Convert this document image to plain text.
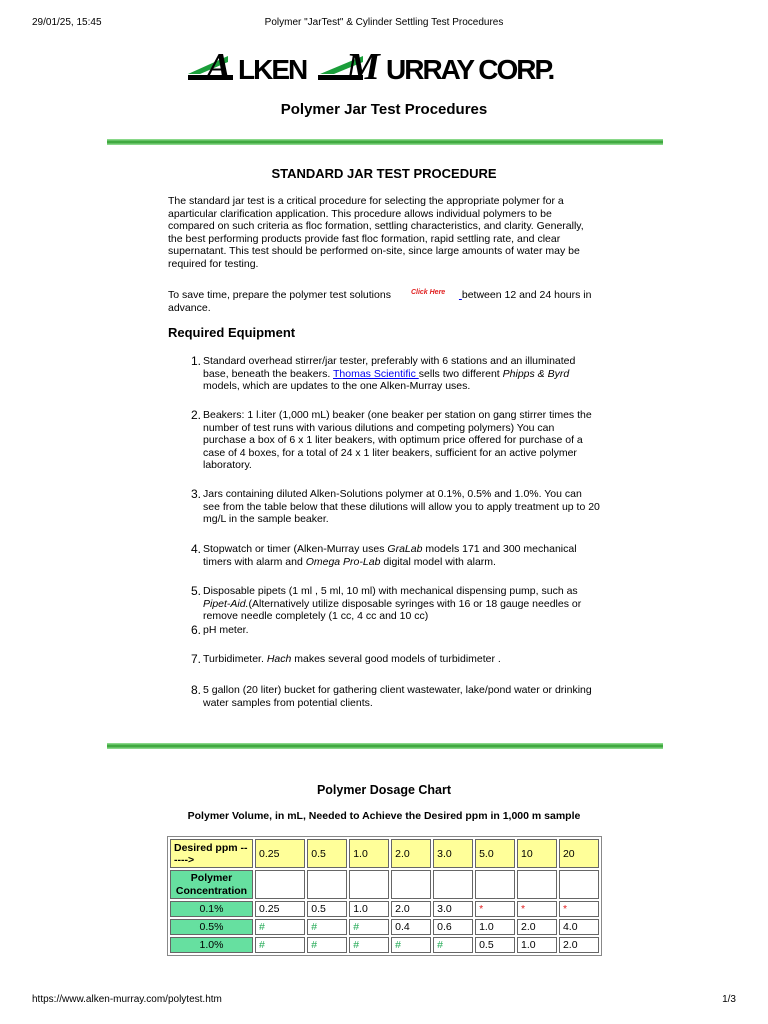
29/01/25, 15:45	Polymer "JarTest" & Cylinder Settling Test Procedures
A LKEN M URRAY CORP.
Polymer Jar Test Procedures
STANDARD JAR TEST PROCEDURE
The standard jar test is a critical procedure for selecting the appropriate polymer for a aparticular clarification application. This procedure allows individual polymers to be compared on such criteria as floc formation, settling characteristics, and clarity. Generally, the best performing products provide fast floc formation, rapid settling rate, and clear supernatant. This test should be performed on-site, since large amounts of water may be required for testing.
To save time, prepare the polymer test solutions	Click Here between 12 and 24 hours in advance.
Required Equipment
1. Standard overhead stirrer/jar tester, preferably with 6 stations and an illuminated base, beneath the beakers. Thomas Scientific sells two different Phipps & Byrd models, which are updates to the one Alken-Murray uses.
2. Beakers: 1 l.iter (1,000 mL) beaker (one beaker per station on gang stirrer times the number of test runs with various dilutions and competing polymers) You can purchase a box of 6 x 1 liter beakers, with optimum price offered for purchase of a case of 4 boxes, for a total of 24 x 1 liter beakers, sufficient for an active polymer laboratory.
3. Jars containing diluted Alken-Solutions polymer at 0.1%, 0.5% and 1.0%. You can see from the table below that these dilutions will allow you to apply treatment up to 20 mg/L in the sample beaker.
4. Stopwatch or timer (Alken-Murray uses GraLab models 171 and 300 mechanical timers with alarm and Omega Pro-Lab digital model with alarm.
5. Disposable pipets (1 ml , 5 ml, 10 ml) with mechanical dispensing pump, such as Pipet-Aid.(Alternatively utilize disposable syringes with 16 or 18 gauge needles or remove needle completely (1 cc, 4 cc and 10 cc)
6. pH meter.
7. Turbidimeter. Hach makes several good models of turbidimeter .
8. 5 gallon (20 liter) bucket for gathering client wastewater, lake/pond water or drinking water samples from potential clients.
Polymer Dosage Chart
Polymer Volume, in mL, Needed to Achieve the Desired ppm in 1,000 m sample
Desired ppm ------>	0.25	0.5	1.0	2.0	3.0	5.0	10	20
Polymer Concentration								
0.1%	0.25	0.5	1.0	2.0	3.0	*	*	*
0.5%	#	#	#	0.4	0.6	1.0	2.0	4.0
1.0%	#	#	#	#	#	0.5	1.0	2.0
https://www.alken-murray.com/polytest.htm	1/3
